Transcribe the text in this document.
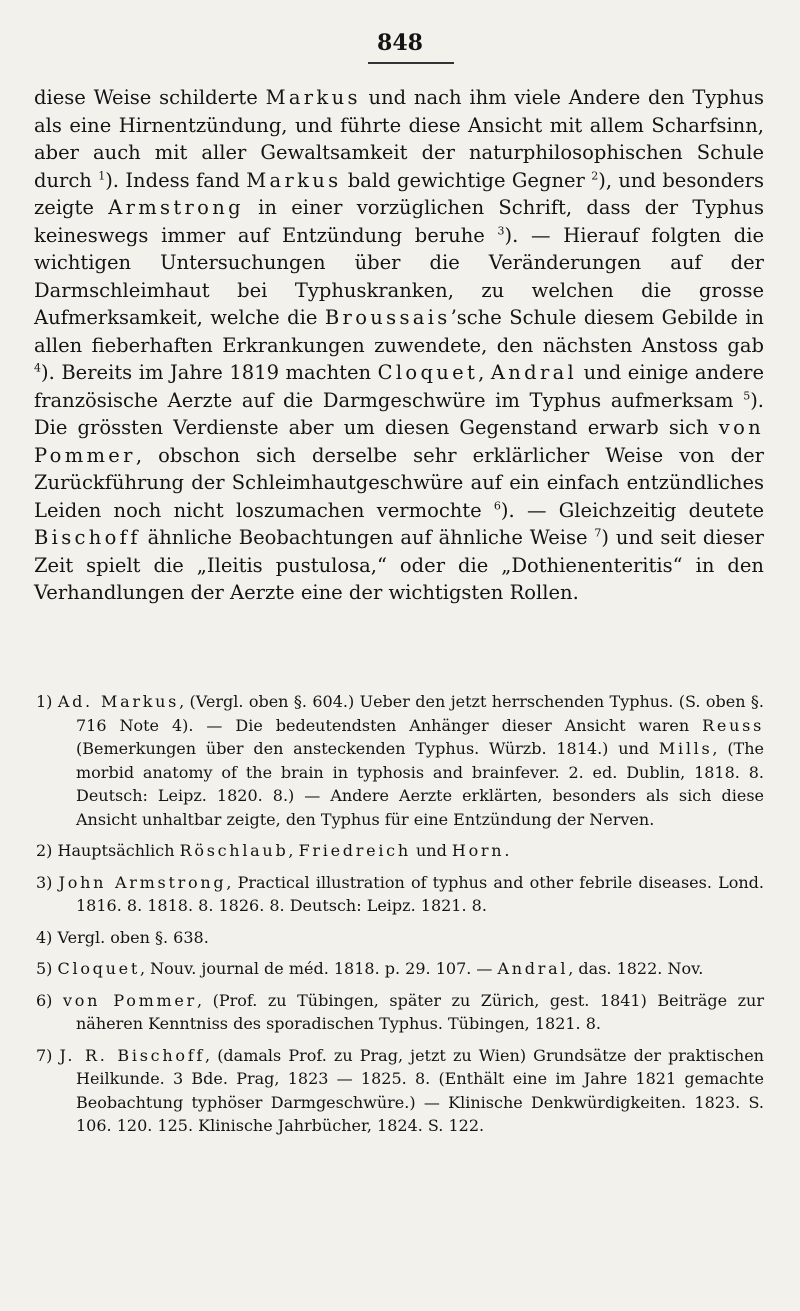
848
diese Weise schilderte Markus und nach ihm viele Andere den Typhus als eine Hirnentzündung, und führte diese Ansicht mit allem Scharfsinn, aber auch mit aller Gewaltsamkeit der naturphilosophischen Schule durch $^1$). Indess fand Markus bald gewichtige Gegner $^2$), und besonders zeigte Armstrong in einer vorzüglichen Schrift, dass der Typhus keineswegs immer auf Entzündung beruhe $^3$). — Hierauf folgten die wichtigen Untersuchungen über die Veränderungen auf der Darmschleimhaut bei Typhuskranken, zu welchen die grosse Aufmerksamkeit, welche die Broussais’sche Schule diesem Gebilde in allen fieberhaften Erkrankungen zuwendete, den nächsten Anstoss gab $^4$). Bereits im Jahre 1819 machten Cloquet, Andral und einige andere französische Aerzte auf die Darmgeschwüre im Typhus aufmerksam $^5$). Die grössten Verdienste aber um diesen Gegenstand erwarb sich von Pommer, obschon sich derselbe sehr erklärlicher Weise von der Zurückführung der Schleimhautgeschwüre auf ein einfach entzündliches Leiden noch nicht loszumachen vermochte $^6$). — Gleichzeitig deutete Bischoff ähnliche Beobachtungen auf ähnliche Weise $^7$) und seit dieser Zeit spielt die „Ileitis pustulosa,“ oder die „Dothienenteritis“ in den Verhandlungen der Aerzte eine der wichtigsten Rollen.

1) Ad. Markus, (Vergl. oben §. 604.) Ueber den jetzt herrschenden Typhus. (S. oben §. 716 Note 4). — Die bedeutendsten Anhänger dieser Ansicht waren Reuss (Bemerkungen über den ansteckenden Typhus. Würzb. 1814.) und Mills, (The morbid anatomy of the brain in typhosis and brainfever. 2. ed. Dublin, 1818. 8. Deutsch: Leipz. 1820. 8.) — Andere Aerzte erklärten, besonders als sich diese Ansicht unhaltbar zeigte, den Typhus für eine Entzündung der Nerven.

2) Hauptsächlich Röschlaub, Friedreich und Horn.

3) John Armstrong, Practical illustration of typhus and other febrile diseases. Lond. 1816. 8. 1818. 8. 1826. 8. Deutsch: Leipz. 1821. 8.

4) Vergl. oben §. 638.

5) Cloquet, Nouv. journal de méd. 1818. p. 29. 107. — Andral, das. 1822. Nov.

6) von Pommer, (Prof. zu Tübingen, später zu Zürich, gest. 1841) Beiträge zur näheren Kenntniss des sporadischen Typhus. Tübingen, 1821. 8.

7) J. R. Bischoff, (damals Prof. zu Prag, jetzt zu Wien) Grundsätze der praktischen Heilkunde. 3 Bde. Prag, 1823 — 1825. 8. (Enthält eine im Jahre 1821 gemachte Beobachtung typhöser Darmgeschwüre.) — Klinische Denkwürdigkeiten. 1823. S. 106. 120. 125. Klinische Jahrbücher, 1824. S. 122.
